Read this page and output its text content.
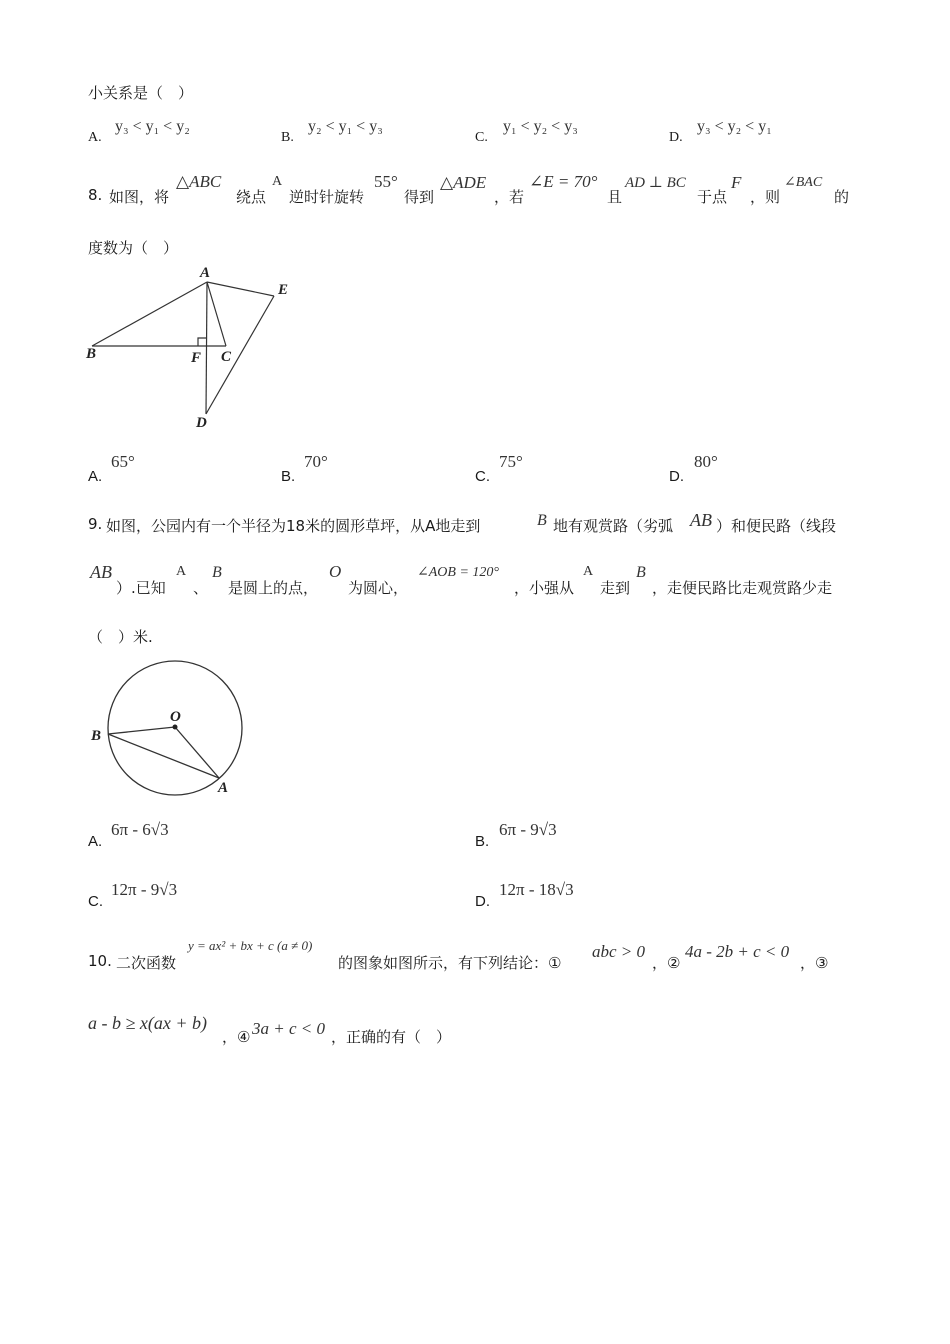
小关系是（　）
A.
y₃ < y₁ < y₂
B.
y₂ < y₁ < y₃
C.
y₁ < y₂ < y₃
D.
y₃ < y₂ < y₁
8. 如图，将
△ABC
绕点
A
逆时针旋转
55°
得到
△ADE
，若
∠E = 70°
且
AD ⊥ BC
于点
F
，则
∠BAC
的
度数为（　）
A
B	C
D
E
F
A.
65°
B.
70°
C.
75°
D.
80°
9. 如图，公园内有一个半径为18米的圆形草坪，从A地走到	B 地有观赏路（劣弧 AB ）和便民路（线段
AB
）.已知
A
、
B
是圆上的点，
O
为圆心，
∠AOB = 120°
，小强从
A
走到
B
，走便民路比走观赏路少走
（　）米.
O
B
A
A.
6π - 6√3
B.
6π - 9√3
C.
12π - 9√3
D.
12π - 18√3
10. 二次函数
y = ax² + bx + c (a ≠ 0)
的图象如图所示，有下列结论：①
abc > 0
，②
4a - 2b + c < 0
，③
a - b ≥ x(ax + b)
，④ 3a + c < 0 ，正确的有（　）
